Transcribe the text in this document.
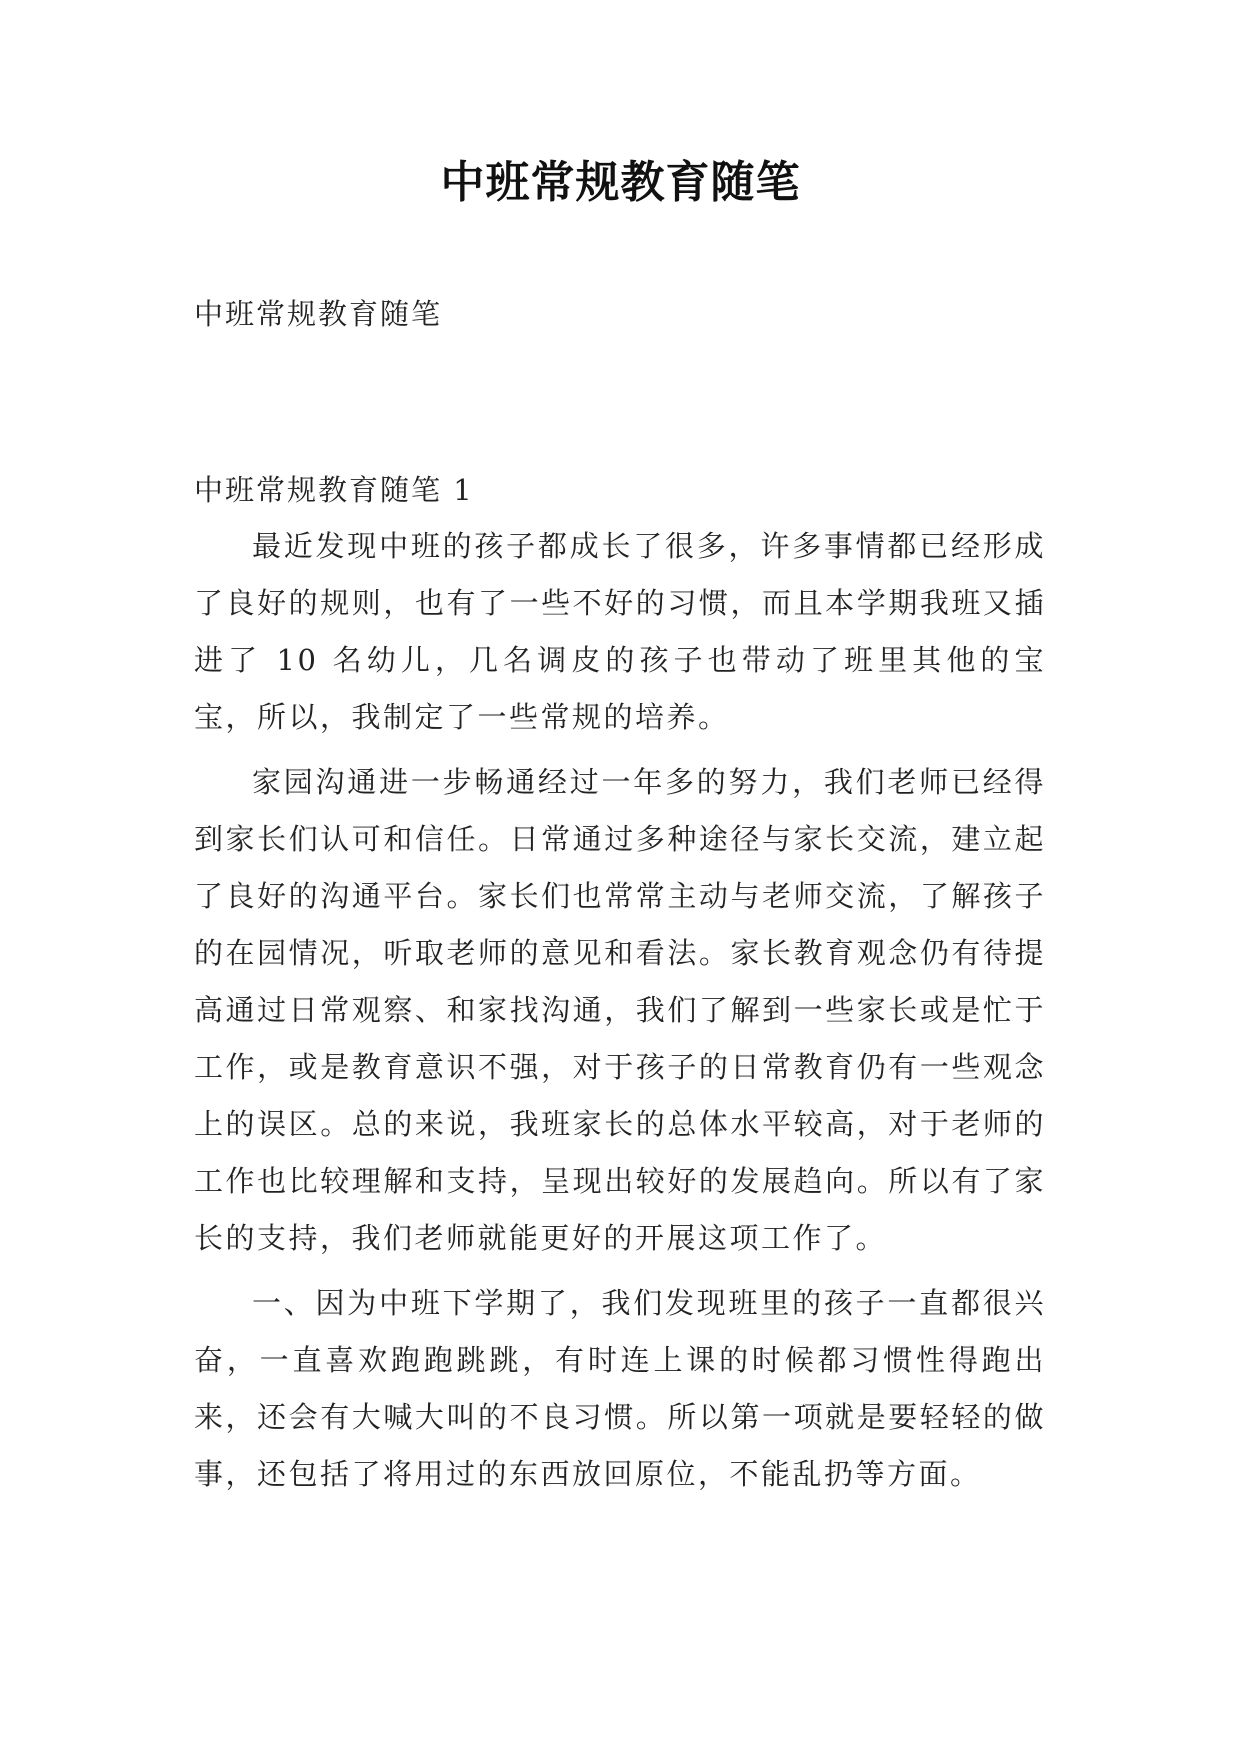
中班常规教育随笔

中班常规教育随笔

中班常规教育随笔 1

最近发现中班的孩子都成长了很多，许多事情都已经形成了良好的规则，也有了一些不好的习惯，而且本学期我班又插进了 10 名幼儿，几名调皮的孩子也带动了班里其他的宝宝，所以，我制定了一些常规的培养。

家园沟通进一步畅通经过一年多的努力，我们老师已经得到家长们认可和信任。日常通过多种途径与家长交流，建立起了良好的沟通平台。家长们也常常主动与老师交流，了解孩子的在园情况，听取老师的意见和看法。家长教育观念仍有待提高通过日常观察、和家找沟通，我们了解到一些家长或是忙于工作，或是教育意识不强，对于孩子的日常教育仍有一些观念上的误区。总的来说，我班家长的总体水平较高，对于老师的工作也比较理解和支持，呈现出较好的发展趋向。所以有了家长的支持，我们老师就能更好的开展这项工作了。

一、因为中班下学期了，我们发现班里的孩子一直都很兴奋，一直喜欢跑跑跳跳，有时连上课的时候都习惯性得跑出来，还会有大喊大叫的不良习惯。所以第一项就是要轻轻的做事，还包括了将用过的东西放回原位，不能乱扔等方面。
